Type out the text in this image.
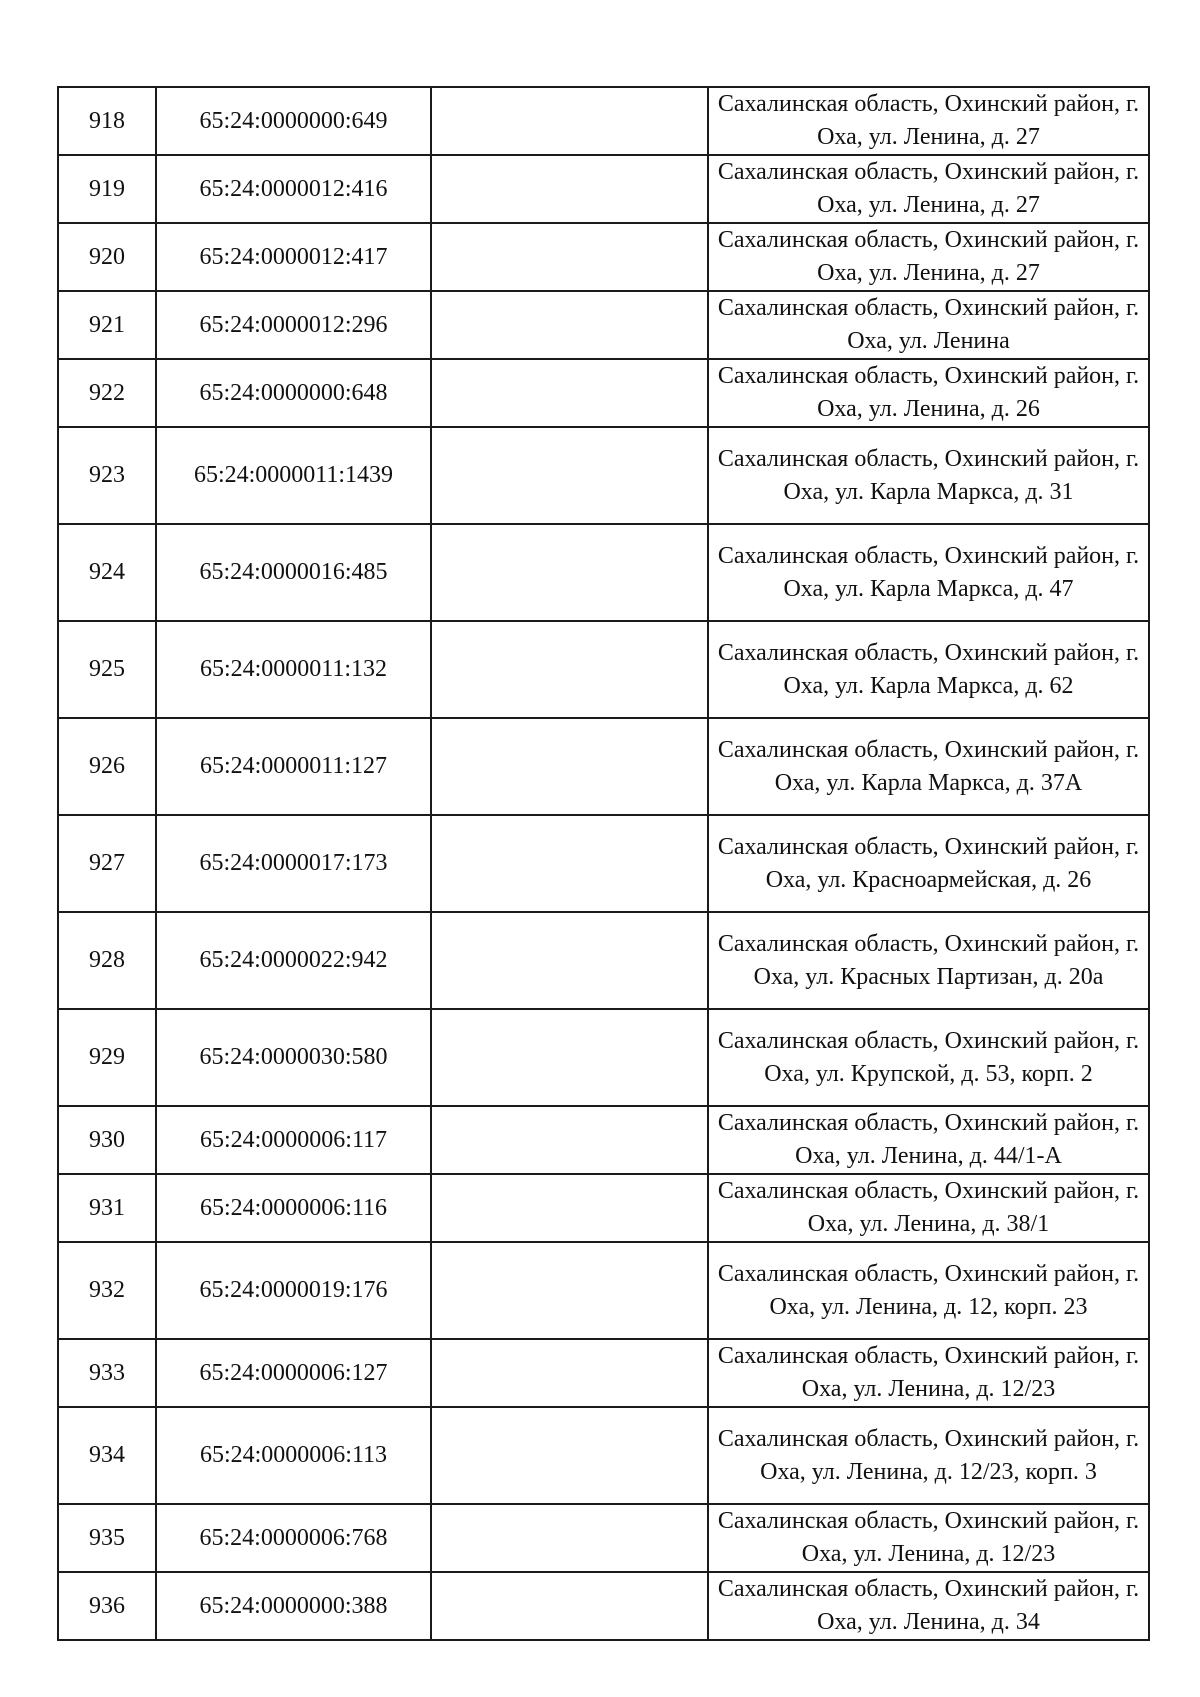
918	65:24:0000000:649		Сахалинская область, Охинский район, г. Оха, ул. Ленина, д. 27
919	65:24:0000012:416		Сахалинская область, Охинский район, г. Оха, ул. Ленина, д. 27
920	65:24:0000012:417		Сахалинская область, Охинский район, г. Оха, ул. Ленина, д. 27
921	65:24:0000012:296		Сахалинская область, Охинский район, г. Оха, ул. Ленина
922	65:24:0000000:648		Сахалинская область, Охинский район, г. Оха, ул. Ленина, д. 26
923	65:24:0000011:1439		Сахалинская область, Охинский район, г. Оха, ул. Карла Маркса, д. 31
924	65:24:0000016:485		Сахалинская область, Охинский район, г. Оха, ул. Карла Маркса, д. 47
925	65:24:0000011:132		Сахалинская область, Охинский район, г. Оха, ул. Карла Маркса, д. 62
926	65:24:0000011:127		Сахалинская область, Охинский район, г. Оха, ул. Карла Маркса, д. 37А
927	65:24:0000017:173		Сахалинская область, Охинский район, г. Оха, ул. Красноармейская, д. 26
928	65:24:0000022:942		Сахалинская область, Охинский район, г. Оха, ул. Красных Партизан, д. 20а
929	65:24:0000030:580		Сахалинская область, Охинский район, г. Оха, ул. Крупской, д. 53, корп. 2
930	65:24:0000006:117		Сахалинская область, Охинский район, г. Оха, ул. Ленина, д. 44/1-А
931	65:24:0000006:116		Сахалинская область, Охинский район, г. Оха, ул. Ленина, д. 38/1
932	65:24:0000019:176		Сахалинская область, Охинский район, г. Оха, ул. Ленина, д. 12, корп. 23
933	65:24:0000006:127		Сахалинская область, Охинский район, г. Оха, ул. Ленина, д. 12/23
934	65:24:0000006:113		Сахалинская область, Охинский район, г. Оха, ул. Ленина, д. 12/23, корп. 3
935	65:24:0000006:768		Сахалинская область, Охинский район, г. Оха, ул. Ленина, д. 12/23
936	65:24:0000000:388		Сахалинская область, Охинский район, г. Оха, ул. Ленина, д. 34
